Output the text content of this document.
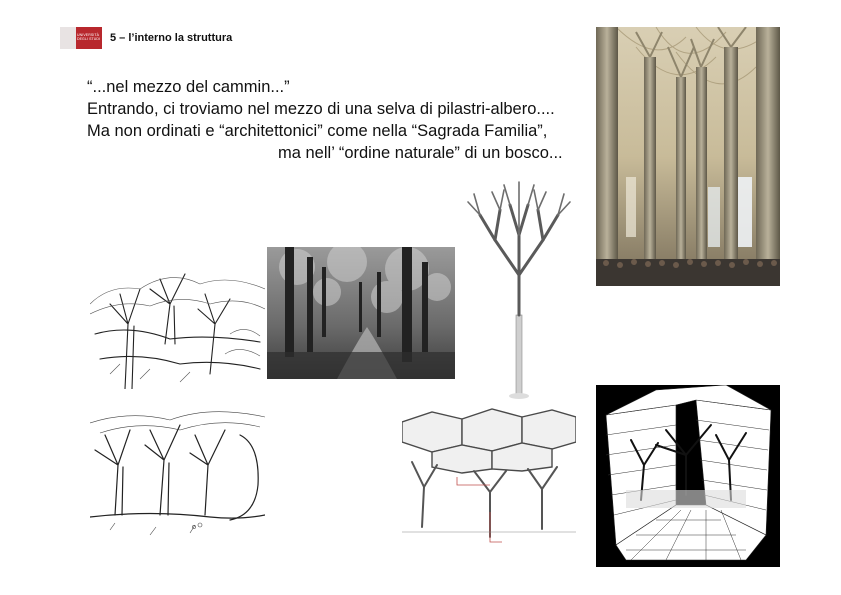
UNIVERSITÀ DEGLI STUDI 5 – l’interno la struttura
“...nel mezzo del cammin...”
Entrando, ci troviamo nel mezzo di una selva di pilastri-albero....
Ma non ordinati e “architettonici” come nella “Sagrada Familia”,
ma nell’ “ordine naturale” di un bosco...
